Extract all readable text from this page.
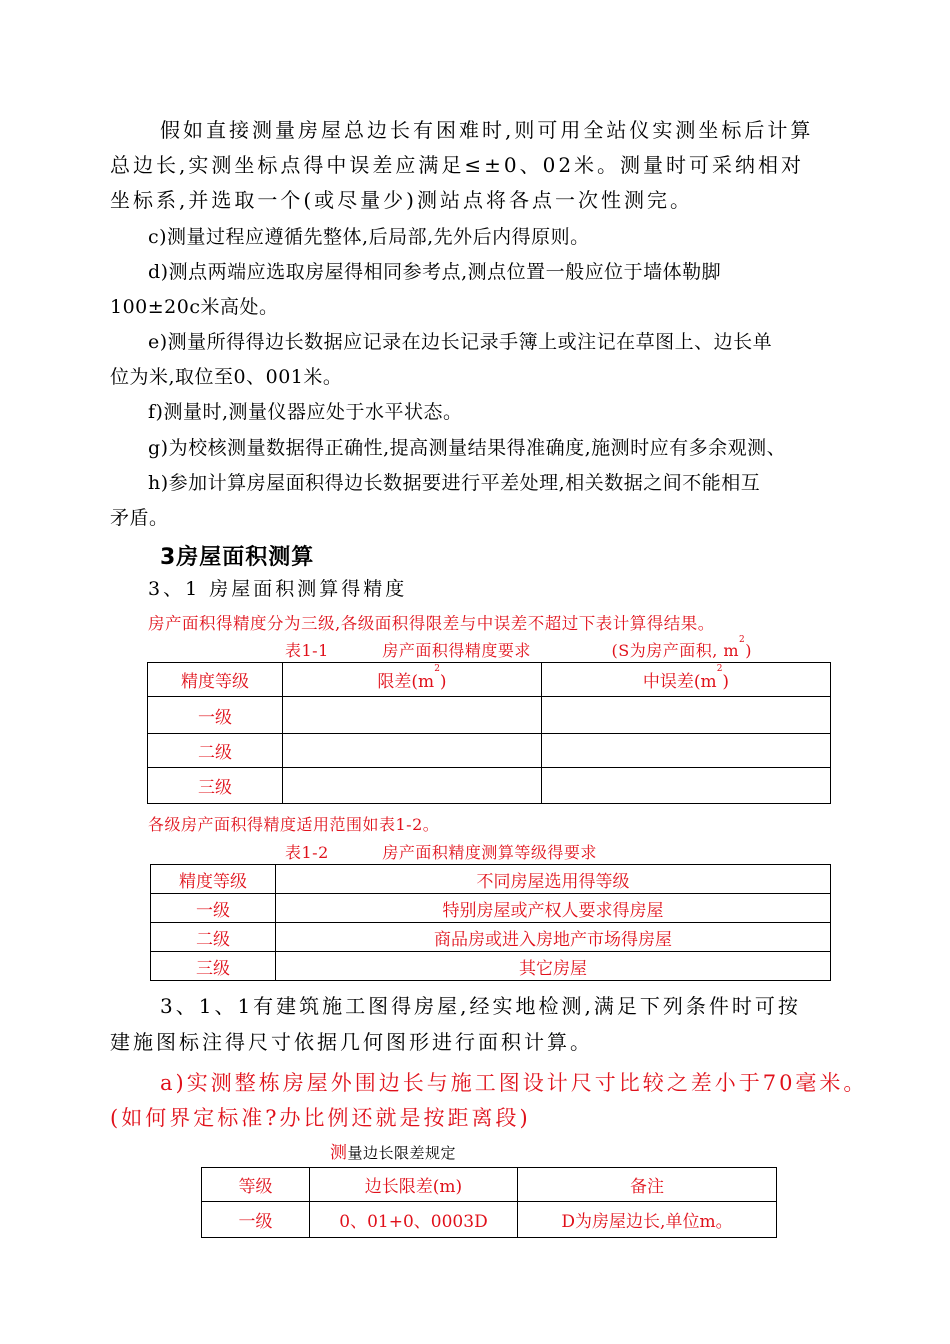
假如直接测量房屋总边长有困难时,则可用全站仪实测坐标后计算
总边长,实测坐标点得中误差应满足≤±0、02米。测量时可采纳相对
坐标系,并选取一个(或尽量少)测站点将各点一次性测完。
c)测量过程应遵循先整体,后局部,先外后内得原则。
d)测点两端应选取房屋得相同参考点,测点位置一般应位于墙体勒脚
100±20c米高处。
e)测量所得得边长数据应记录在边长记录手簿上或注记在草图上、边长单
位为米,取位至0、001米。
f)测量时,测量仪器应处于水平状态。
g)为校核测量数据得正确性,提高测量结果得准确度,施测时应有多余观测、
h)参加计算房屋面积得边长数据要进行平差处理,相关数据之间不能相互
矛盾。
3房屋面积测算
3、1 房屋面积测算得精度
房产面积得精度分为三级,各级面积得限差与中误差不超过下表计算得结果。
表1-1	房产面积得精度要求	(S为房产面积, $m^2$)
精度等级	限差$(m^2)$	中误差$(m^2)$
一级		
二级		
三级		
各级房产面积得精度适用范围如表1-2。
表1-2	房产面积精度测算等级得要求
精度等级	不同房屋选用得等级
一级	特别房屋或产权人要求得房屋
二级	商品房或进入房地产市场得房屋
三级	其它房屋
3、1、1有建筑施工图得房屋,经实地检测,满足下列条件时可按
建施图标注得尺寸依据几何图形进行面积计算。
a)实测整栋房屋外围边长与施工图设计尺寸比较之差小于70毫米。
(如何界定标准?办比例还就是按距离段)
测量边长限差规定
等级	边长限差(m)	备注
一级	0、01+0、0003D	D为房屋边长,单位m。
